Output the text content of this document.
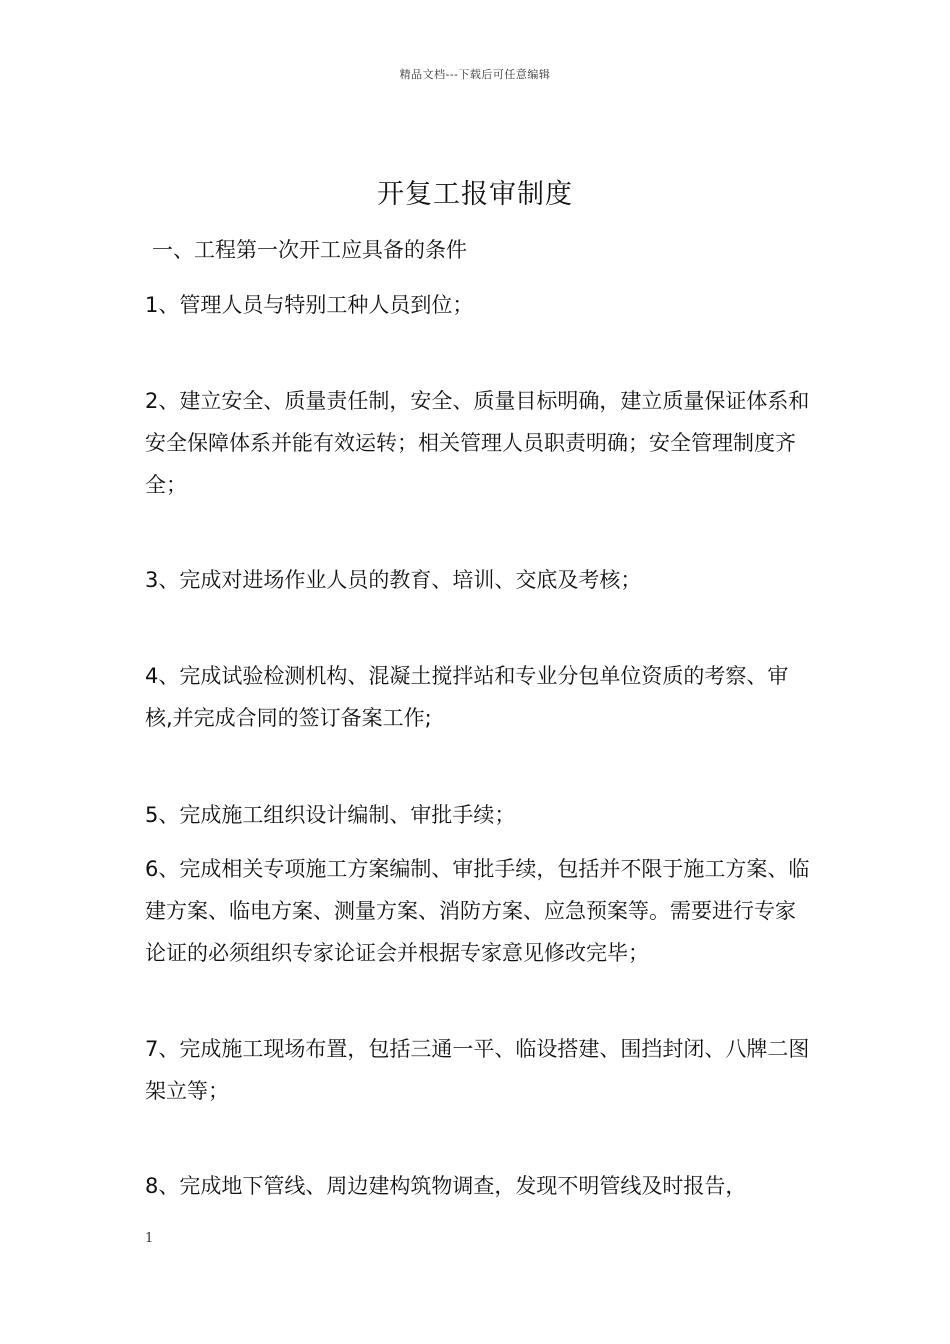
精品文档---下载后可任意编辑
开复工报审制度
一、工程第一次开工应具备的条件
1、管理人员与特别工种人员到位；
2、建立安全、质量责任制，安全、质量目标明确，建立质量保证体系和安全保障体系并能有效运转；相关管理人员职责明确；安全管理制度齐全；
3、完成对进场作业人员的教育、培训、交底及考核；
4、完成试验检测机构、混凝土搅拌站和专业分包单位资质的考察、审核,并完成合同的签订备案工作;
5、完成施工组织设计编制、审批手续；
6、完成相关专项施工方案编制、审批手续，包括并不限于施工方案、临建方案、临电方案、测量方案、消防方案、应急预案等。需要进行专家论证的必须组织专家论证会并根据专家意见修改完毕；
7、完成施工现场布置，包括三通一平、临设搭建、围挡封闭、八牌二图架立等；
8、完成地下管线、周边建构筑物调查，发现不明管线及时报告，
1
